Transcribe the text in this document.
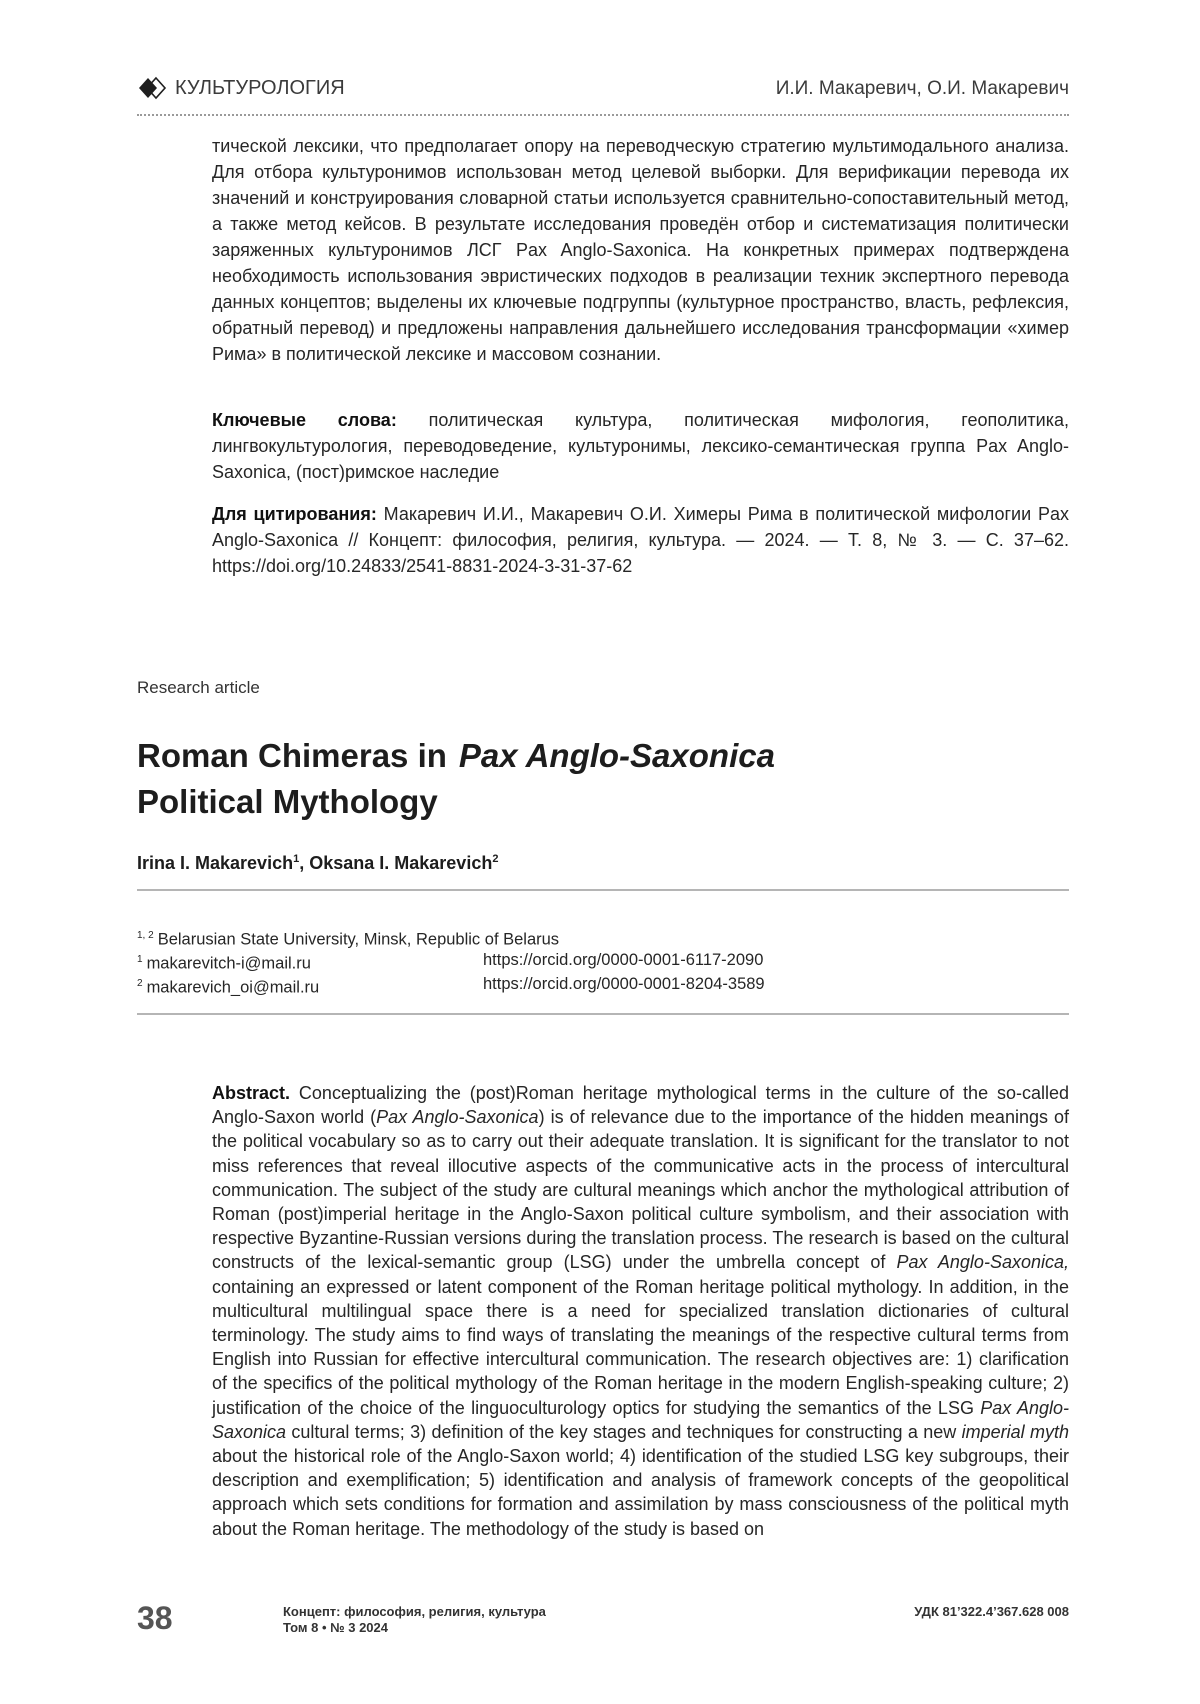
КУЛЬТУРОЛОГИЯ	И.И. Макаревич, О.И. Макаревич

тической лексики, что предполагает опору на переводческую стратегию мультимодального анализа. Для отбора культуронимов использован метод целевой выборки. Для верификации перевода их значений и конструирования словарной статьи используется сравнительно-сопоставительный метод, а также метод кейсов. В результате исследования проведён отбор и систематизация политически заряженных культуронимов ЛСГ Pax Anglo-Saxonica. На конкретных примерах подтверждена необходимость использования эвристических подходов в реализации техник экспертного перевода данных концептов; выделены их ключевые подгруппы (культурное пространство, власть, рефлексия, обратный перевод) и предложены направления дальнейшего исследования трансформации «химер Рима» в политической лексике и массовом сознании.

Ключевые слова: политическая культура, политическая мифология, геополитика, лингвокультурология, переводоведение, культуронимы, лексико-семантическая группа Pax Anglo-Saxonica, (пост)римское наследие

Для цитирования: Макаревич И.И., Макаревич О.И. Химеры Рима в политической мифологии Pax Anglo-Saxonica // Концепт: философия, религия, культура. — 2024. — Т. 8, № 3. — С. 37–62. https://doi.org/10.24833/2541-8831-2024-3-31-37-62

Research article
Roman Chimeras in Pax Anglo-Saxonica
Political Mythology
Irina I. Makarevich$^1$, Oksana I. Makarevich$^2$
$^{1, 2}$ Belarusian State University, Minsk, Republic of Belarus
$^1$ makarevitch-i@mail.ru	https://orcid.org/0000-0001-6117-2090
$^2$ makarevich_oi@mail.ru	https://orcid.org/0000-0001-8204-3589
Abstract. Conceptualizing the (post)Roman heritage mythological terms in the culture of the so-called Anglo-Saxon world (Pax Anglo-Saxonica) is of relevance due to the importance of the hidden meanings of the political vocabulary so as to carry out their adequate translation. It is significant for the translator to not miss references that reveal illocutive aspects of the communicative acts in the process of intercultural communication. The subject of the study are cultural meanings which anchor the mythological attribution of Roman (post)imperial heritage in the Anglo-Saxon political culture symbolism, and their association with respective Byzantine-Russian versions during the translation process. The research is based on the cultural constructs of the lexical-semantic group (LSG) under the umbrella concept of Pax Anglo-Saxonica, containing an expressed or latent component of the Roman heritage political mythology. In addition, in the multicultural multilingual space there is a need for specialized translation dictionaries of cultural terminology. The study aims to find ways of translating the meanings of the respective cultural terms from English into Russian for effective intercultural communication. The research objectives are: 1) clarification of the specifics of the political mythology of the Roman heritage in the modern English-speaking culture; 2) justification of the choice of the linguoculturology optics for studying the semantics of the LSG Pax Anglo-Saxonica cultural terms; 3) definition of the key stages and techniques for constructing a new imperial myth about the historical role of the Anglo-Saxon world; 4) identification of the studied LSG key subgroups, their description and exemplification; 5) identification and analysis of framework concepts of the geopolitical approach which sets conditions for formation and assimilation by mass consciousness of the political myth about the Roman heritage. The methodology of the study is based on
38	Концепт: философия, религия, культура
Том 8 • № 3 2024
УДК 81’322.4’367.628 008
